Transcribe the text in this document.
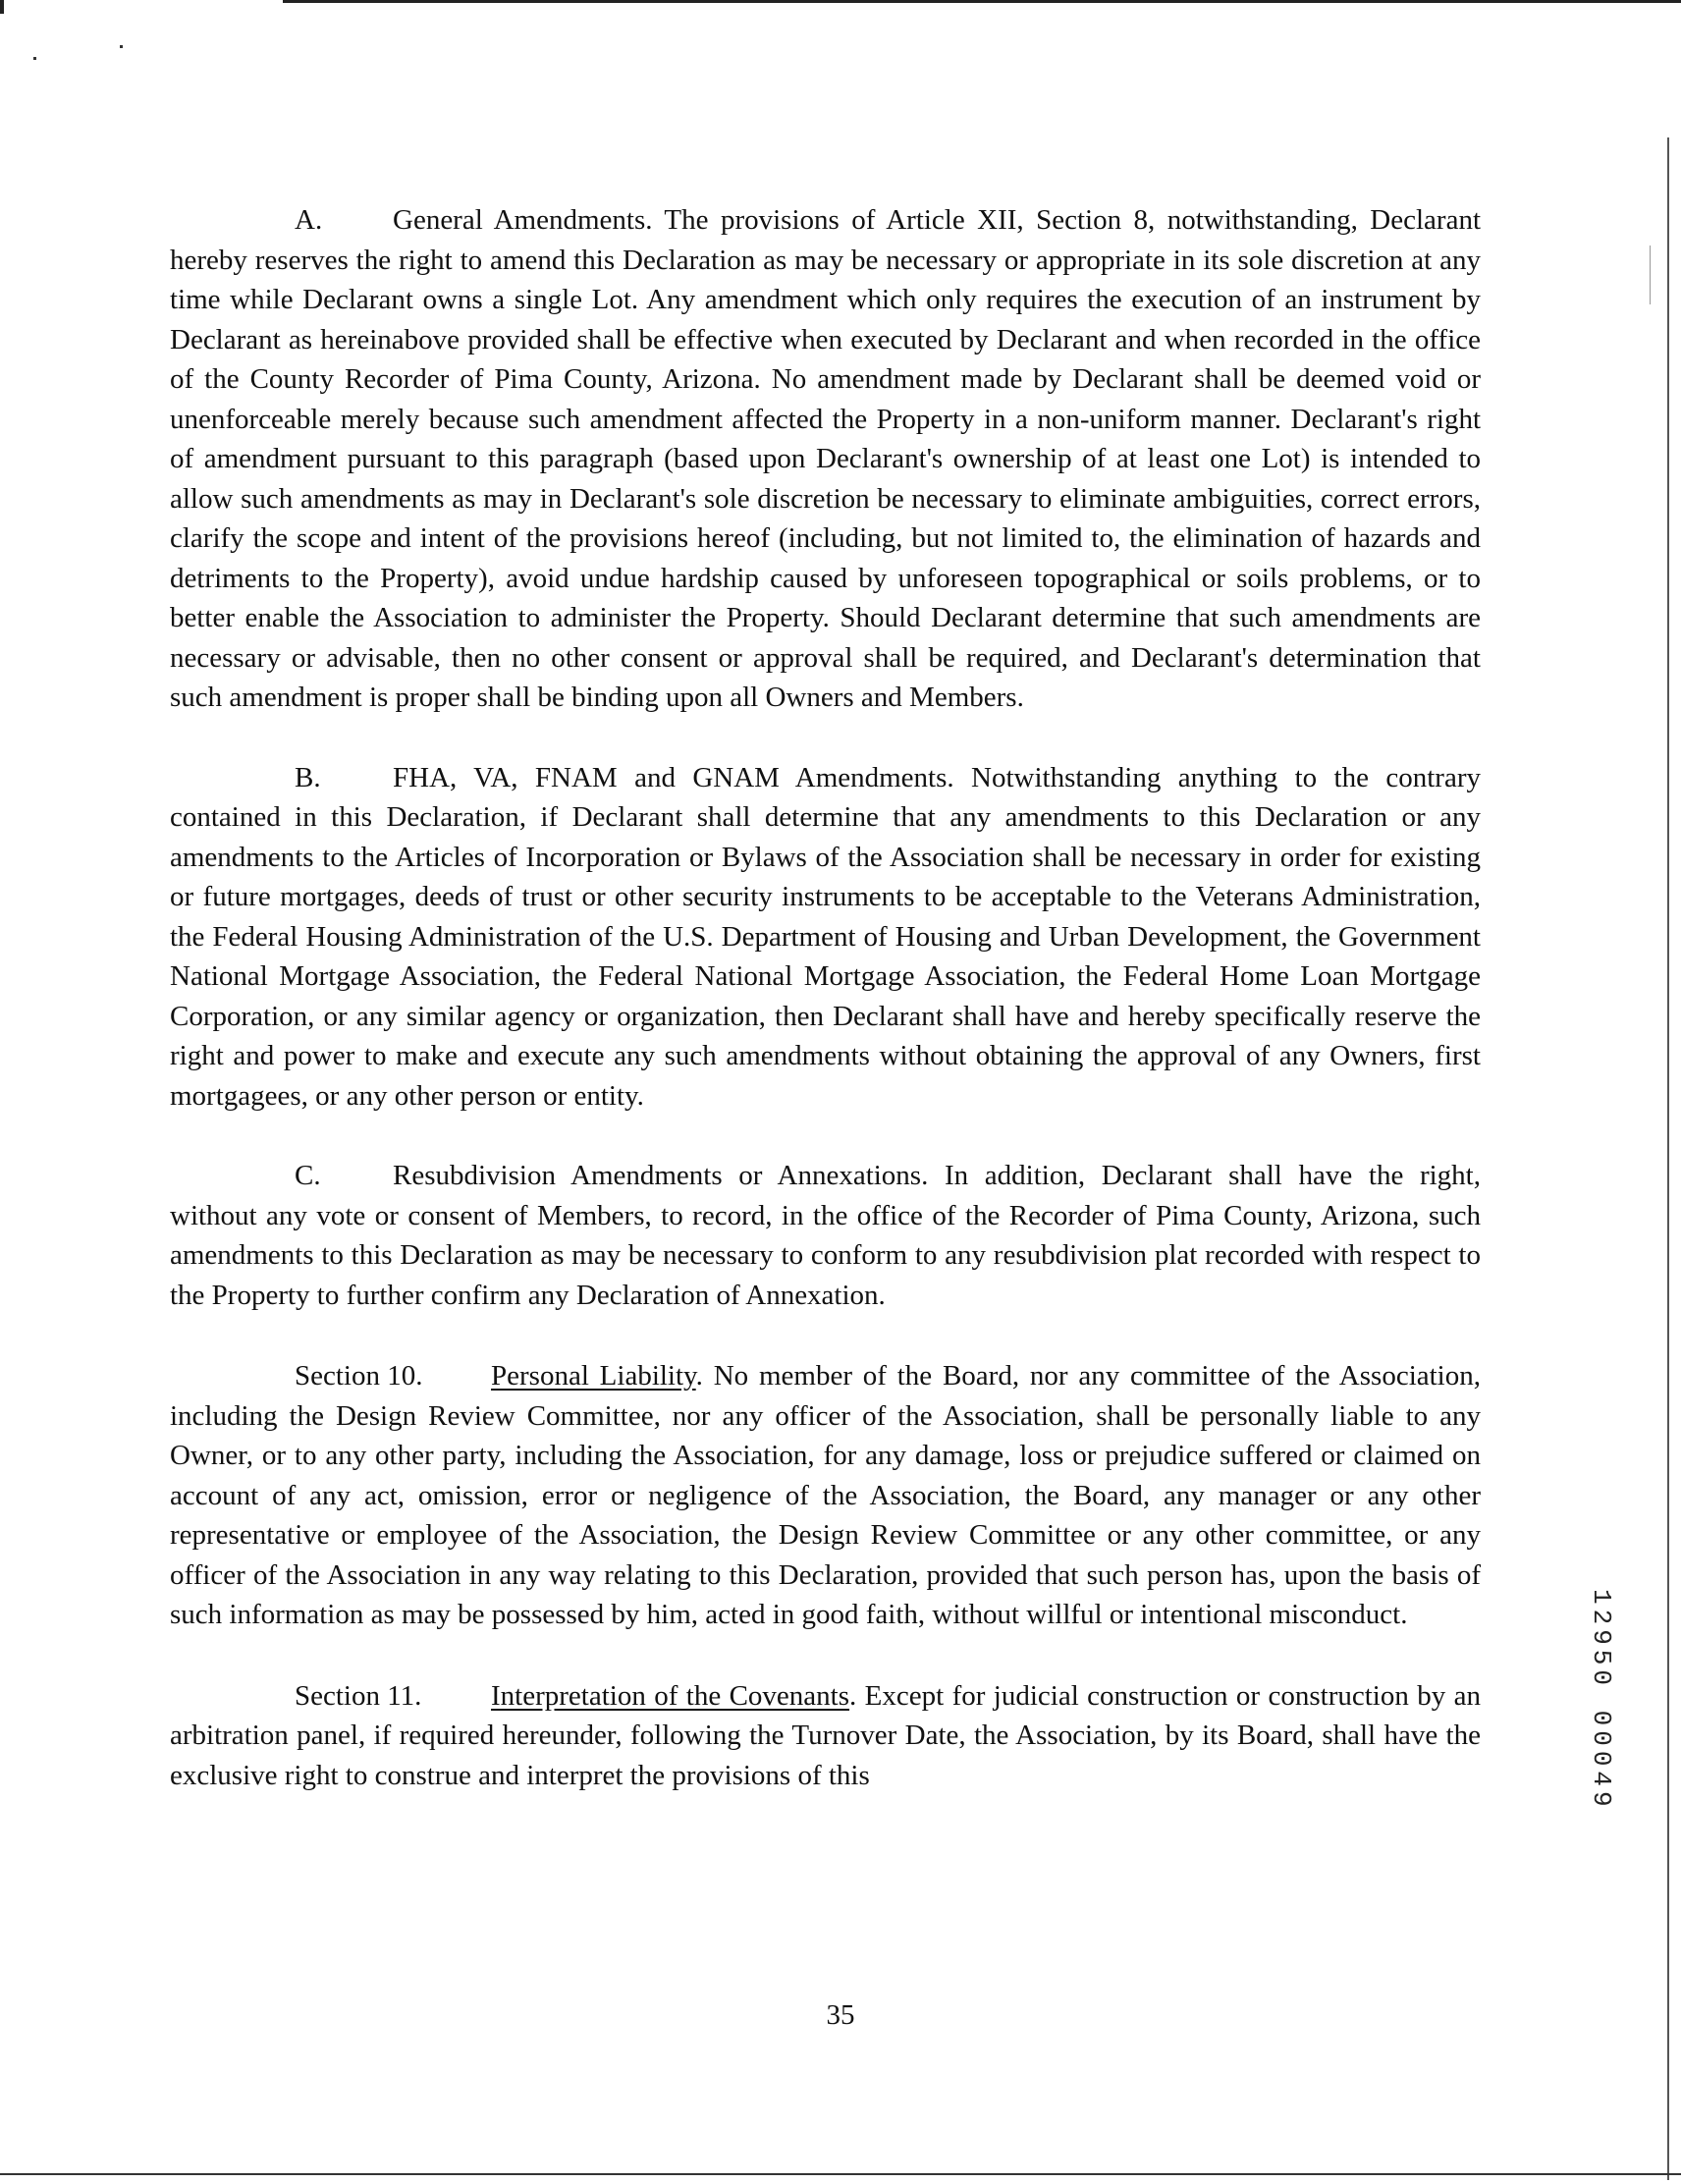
A. General Amendments. The provisions of Article XII, Section 8, notwithstanding, Declarant hereby reserves the right to amend this Declaration as may be necessary or appropriate in its sole discretion at any time while Declarant owns a single Lot. Any amendment which only requires the execution of an instrument by Declarant as hereinabove provided shall be effective when executed by Declarant and when recorded in the office of the County Recorder of Pima County, Arizona. No amendment made by Declarant shall be deemed void or unenforceable merely because such amendment affected the Property in a non-uniform manner. Declarant's right of amendment pursuant to this paragraph (based upon Declarant's ownership of at least one Lot) is intended to allow such amendments as may in Declarant's sole discretion be necessary to eliminate ambiguities, correct errors, clarify the scope and intent of the provisions hereof (including, but not limited to, the elimination of hazards and detriments to the Property), avoid undue hardship caused by unforeseen topographical or soils problems, or to better enable the Association to administer the Property. Should Declarant determine that such amendments are necessary or advisable, then no other consent or approval shall be required, and Declarant's determination that such amendment is proper shall be binding upon all Owners and Members.

B.	FHA, VA, FNAM and GNAM Amendments. Notwithstanding anything to the contrary contained in this Declaration, if Declarant shall determine that any amendments to this Declaration or any amendments to the Articles of Incorporation or Bylaws of the Association shall be necessary in order for existing or future mortgages, deeds of trust or other security instruments to be acceptable to the Veterans Administration, the Federal Housing Administration of the U.S. Department of Housing and Urban Development, the Government National Mortgage Association, the Federal National Mortgage Association, the Federal Home Loan Mortgage Corporation, or any similar agency or organization, then Declarant shall have and hereby specifically reserve the right and power to make and execute any such amendments without obtaining the approval of any Owners, first mortgagees, or any other person or entity.

C.	Resubdivision Amendments or Annexations. In addition, Declarant shall have the right, without any vote or consent of Members, to record, in the office of the Recorder of Pima County, Arizona, such amendments to this Declaration as may be necessary to conform to any resubdivision plat recorded with respect to the Property to further confirm any Declaration of Annexation.

Section 10. Personal Liability. No member of the Board, nor any committee of the Association, including the Design Review Committee, nor any officer of the Association, shall be personally liable to any Owner, or to any other party, including the Association, for any damage, loss or prejudice suffered or claimed on account of any act, omission, error or negligence of the Association, the Board, any manager or any other representative or employee of the Association, the Design Review Committee or any other committee, or any officer of the Association in any way relating to this Declaration, provided that such person has, upon the basis of such information as may be possessed by him, acted in good faith, without willful or intentional misconduct.

Section 11. Interpretation of the Covenants. Except for judicial construction or construction by an arbitration panel, if required hereunder, following the Turnover Date, the Association, by its Board, shall have the exclusive right to construe and interpret the provisions of this	12950 00049
35
